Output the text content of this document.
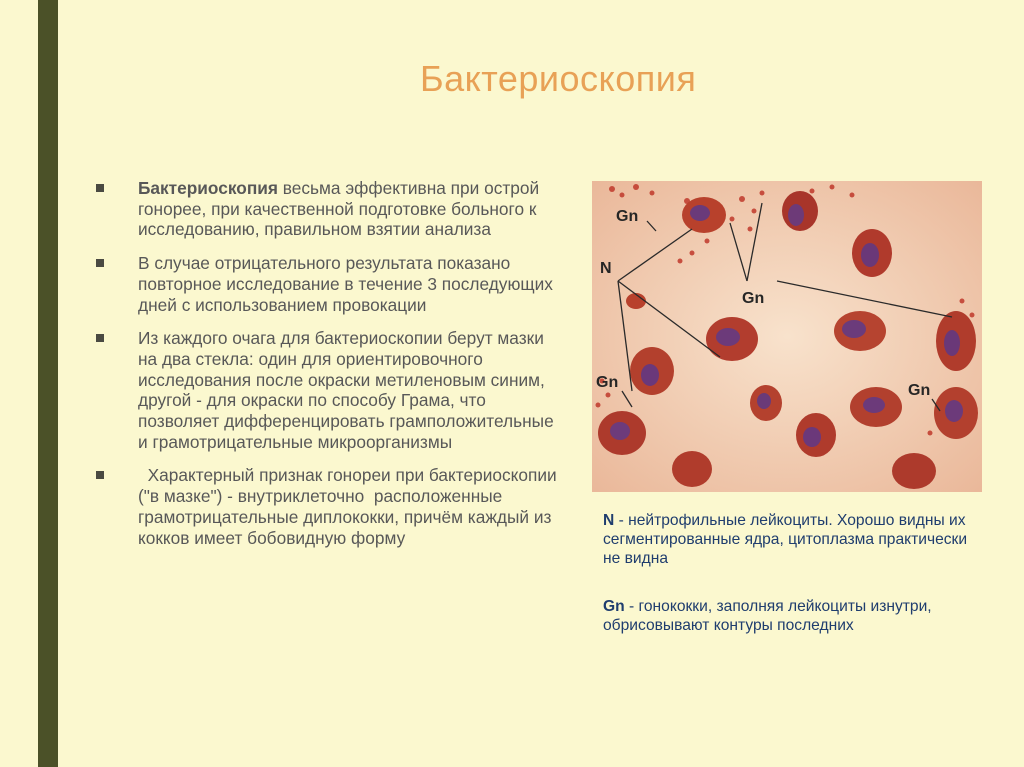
Бактериоскопия
Бактериоскопия весьма эффективна при острой гонорее, при качественной подготовке больного к исследованию, правильном взятии анализа
В случае отрицательного результата показано повторное исследование в течение 3 последующих дней с использованием провокации
Из каждого очага для бактериоскопии берут мазки на два стекла: один для ориентировочного исследования после окраски метиленовым синим, другой - для окраски по способу Грама, что позволяет дифференцировать грамположительные и грамотрицательные микроорганизмы
Характерный признак гонореи при бактериоскопии ("в мазке") - внутриклеточно  расположенные грамотрицательные диплококки, причём каждый из кокков имеет бобовидную форму
Gn
N
Gn
Gn	Gn
N - нейтрофильные лейкоциты. Хорошо видны их сегментированные ядра, цитоплазма практически не видна
Gn - гонококки, заполняя лейкоциты изнутри, обрисовывают контуры последних
